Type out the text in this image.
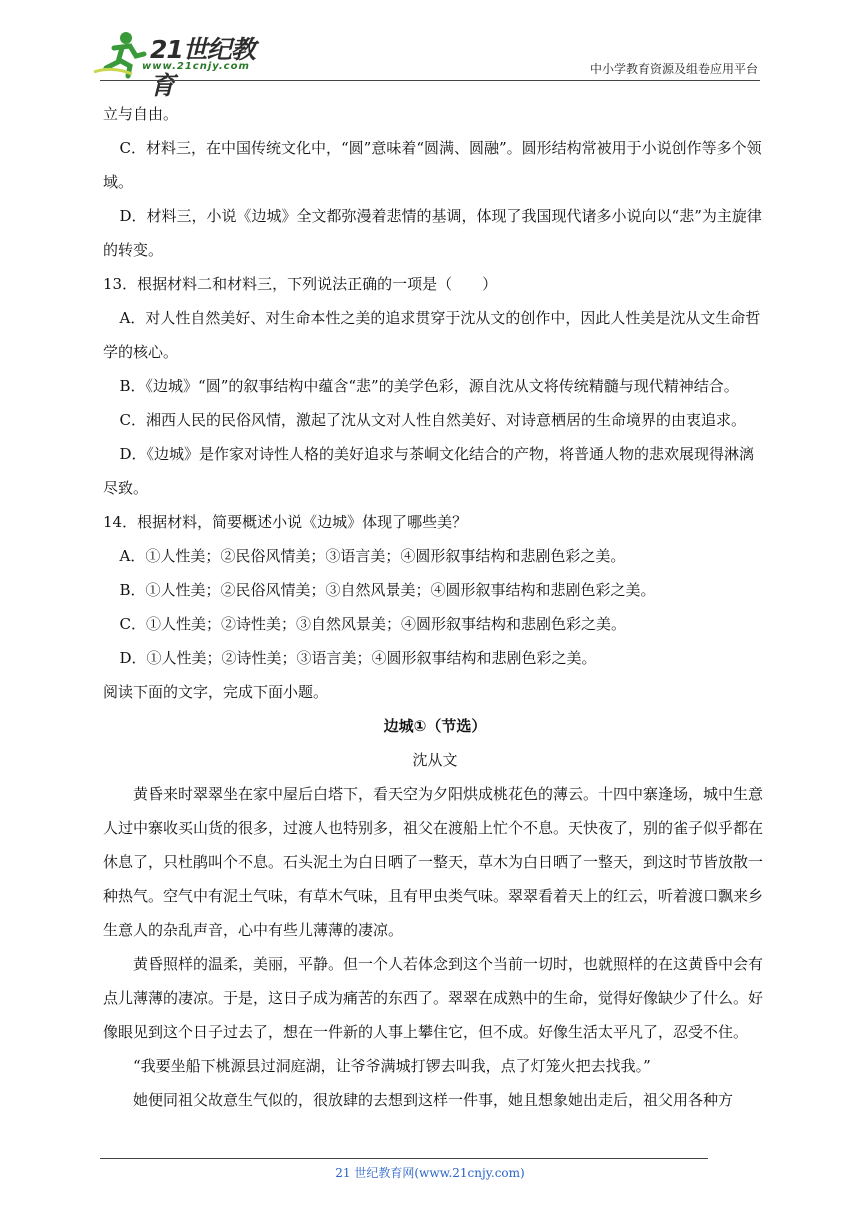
21世纪教育
www.21cnjy.com	中小学教育资源及组卷应用平台

立与自由。

C．材料三，在中国传统文化中，“圆”意味着“圆满、圆融”。圆形结构常被用于小说创作等多个领域。

D．材料三，小说《边城》全文都弥漫着悲情的基调，体现了我国现代诸多小说向以“悲”为主旋律的转变。

13．根据材料二和材料三，下列说法正确的一项是（　　）

A．对人性自然美好、对生命本性之美的追求贯穿于沈从文的创作中，因此人性美是沈从文生命哲学的核心。

B．《边城》“圆”的叙事结构中蕴含“悲”的美学色彩，源自沈从文将传统精髓与现代精神结合。

C．湘西人民的民俗风情，激起了沈从文对人性自然美好、对诗意栖居的生命境界的由衷追求。

D．《边城》是作家对诗性人格的美好追求与茶峒文化结合的产物，将普通人物的悲欢展现得淋漓尽致。

14．根据材料，简要概述小说《边城》体现了哪些美？

A．①人性美；②民俗风情美；③语言美；④圆形叙事结构和悲剧色彩之美。

B．①人性美；②民俗风情美；③自然风景美；④圆形叙事结构和悲剧色彩之美。

C．①人性美；②诗性美；③自然风景美；④圆形叙事结构和悲剧色彩之美。

D．①人性美；②诗性美；③语言美；④圆形叙事结构和悲剧色彩之美。

阅读下面的文字，完成下面小题。

边城①（节选）

沈从文

黄昏来时翠翠坐在家中屋后白塔下，看天空为夕阳烘成桃花色的薄云。十四中寨逢场，城中生意人过中寨收买山货的很多，过渡人也特别多，祖父在渡船上忙个不息。天快夜了，别的雀子似乎都在休息了，只杜鹃叫个不息。石头泥土为白日晒了一整天，草木为白日晒了一整天，到这时节皆放散一种热气。空气中有泥土气味，有草木气味，且有甲虫类气味。翠翠看着天上的红云，听着渡口飘来乡生意人的杂乱声音，心中有些儿薄薄的凄凉。

黄昏照样的温柔，美丽，平静。但一个人若体念到这个当前一切时，也就照样的在这黄昏中会有点儿薄薄的凄凉。于是，这日子成为痛苦的东西了。翠翠在成熟中的生命，觉得好像缺少了什么。好像眼见到这个日子过去了，想在一件新的人事上攀住它，但不成。好像生活太平凡了，忍受不住。

“我要坐船下桃源县过洞庭湖，让爷爷满城打锣去叫我，点了灯笼火把去找我。”

她便同祖父故意生气似的，很放肆的去想到这样一件事，她且想象她出走后，祖父用各种方

21 世纪教育网(www.21cnjy.com)
